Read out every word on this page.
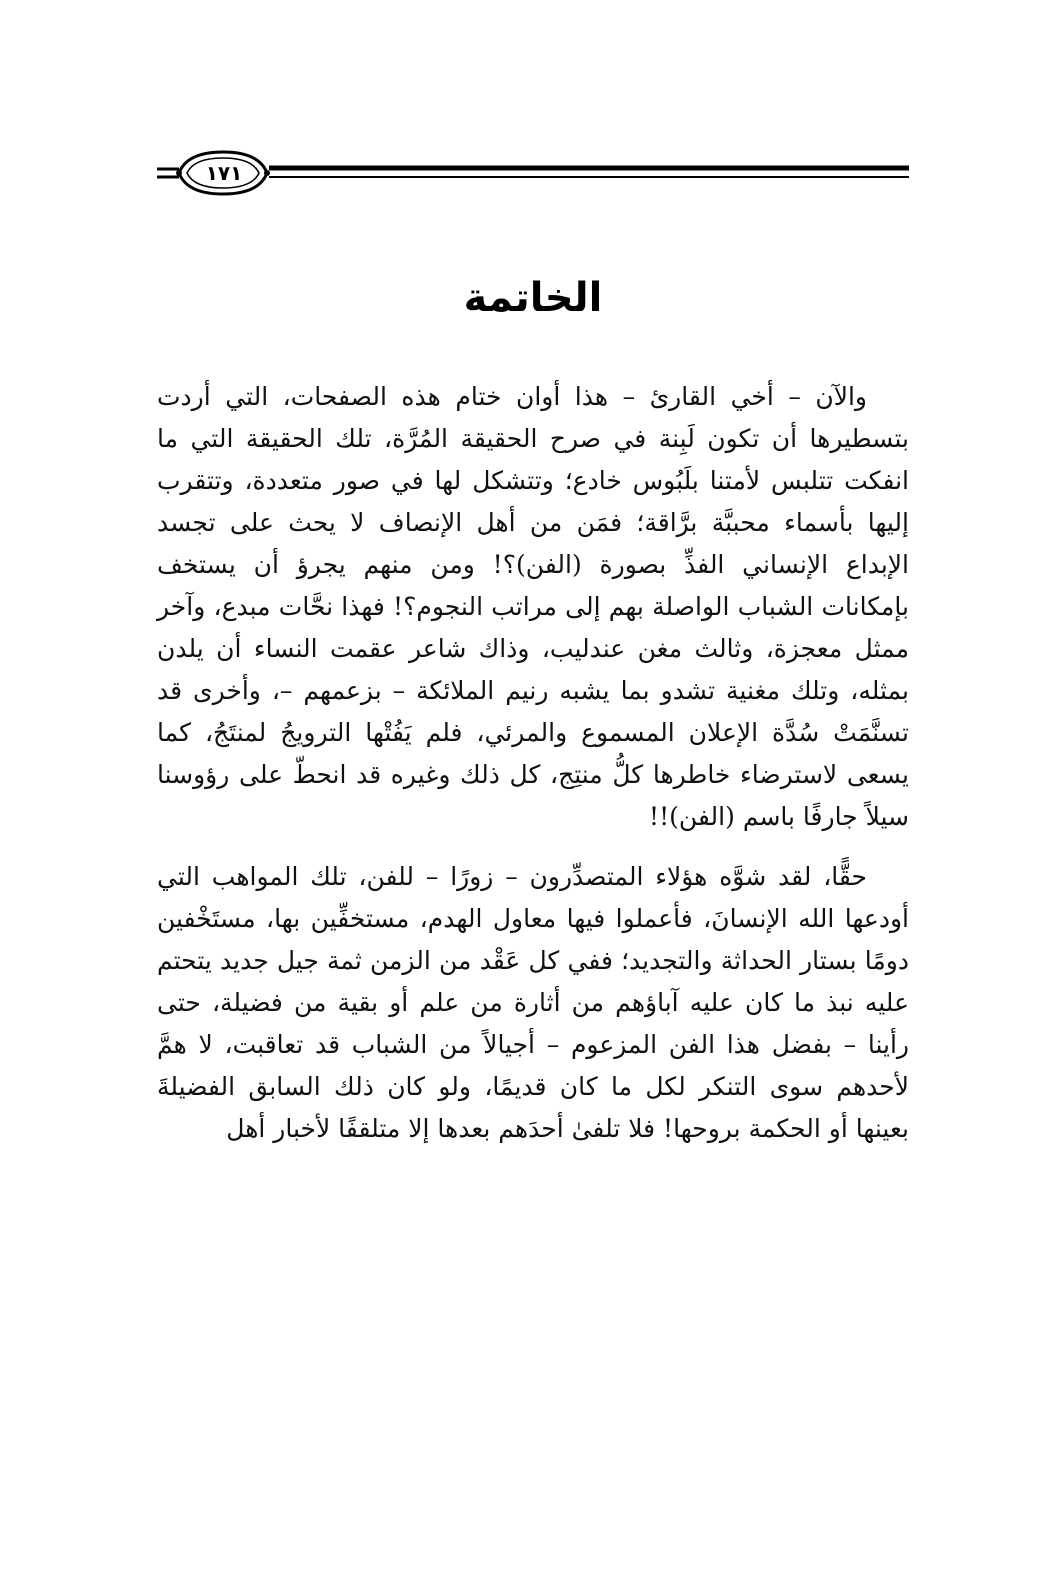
١٧١
الخاتمة

والآن – أخي القارئ – هذا أوان ختام هذه الصفحات، التي أردت بتسطيرها أن تكون لَبِنة في صرح الحقيقة المُرَّة، تلك الحقيقة التي ما انفكت تتلبس لأمتنا بلَبُوس خادع؛ وتتشكل لها في صور متعددة، وتتقرب إليها بأسماء محببَّة برَّاقة؛ فمَن من أهل الإنصاف لا يحث على تجسد الإبداع الإنساني الفذِّ بصورة (الفن)؟! ومن منهم يجرؤ أن يستخف بإمكانات الشباب الواصلة بهم إلى مراتب النجوم؟! فهذا نحَّات مبدع، وآخر ممثل معجزة، وثالث مغن عندليب، وذاك شاعر عقمت النساء أن يلدن بمثله، وتلك مغنية تشدو بما يشبه رنيم الملائكة – بزعمهم –، وأخرى قد تسنَّمَتْ سُدَّة الإعلان المسموع والمرئي، فلم يَفُتْها الترويجُ لمنتَجُ، كما يسعى لاسترضاء خاطرها كلُّ منتِج، كل ذلك وغيره قد انحطّ على رؤوسنا سيلاً جارفًا باسم (الفن)!!

حقًّا، لقد شوَّه هؤلاء المتصدِّرون – زورًا – للفن، تلك المواهب التي أودعها الله الإنسانَ، فأعملوا فيها معاول الهدم، مستخفِّين بها، مستَخْفين دومًا بستار الحداثة والتجديد؛ ففي كل عَقْد من الزمن ثمة جيل جديد يتحتم عليه نبذ ما كان عليه آباؤهم من أثارة من علم أو بقية من فضيلة، حتى رأينا – بفضل هذا الفن المزعوم – أجيالاً من الشباب قد تعاقبت، لا همَّ لأحدهم سوى التنكر لكل ما كان قديمًا، ولو كان ذلك السابق الفضيلةَ بعينها أو الحكمة بروحها! فلا تلفىٰ أحدَهم بعدها إلا متلقفًا لأخبار أهل
